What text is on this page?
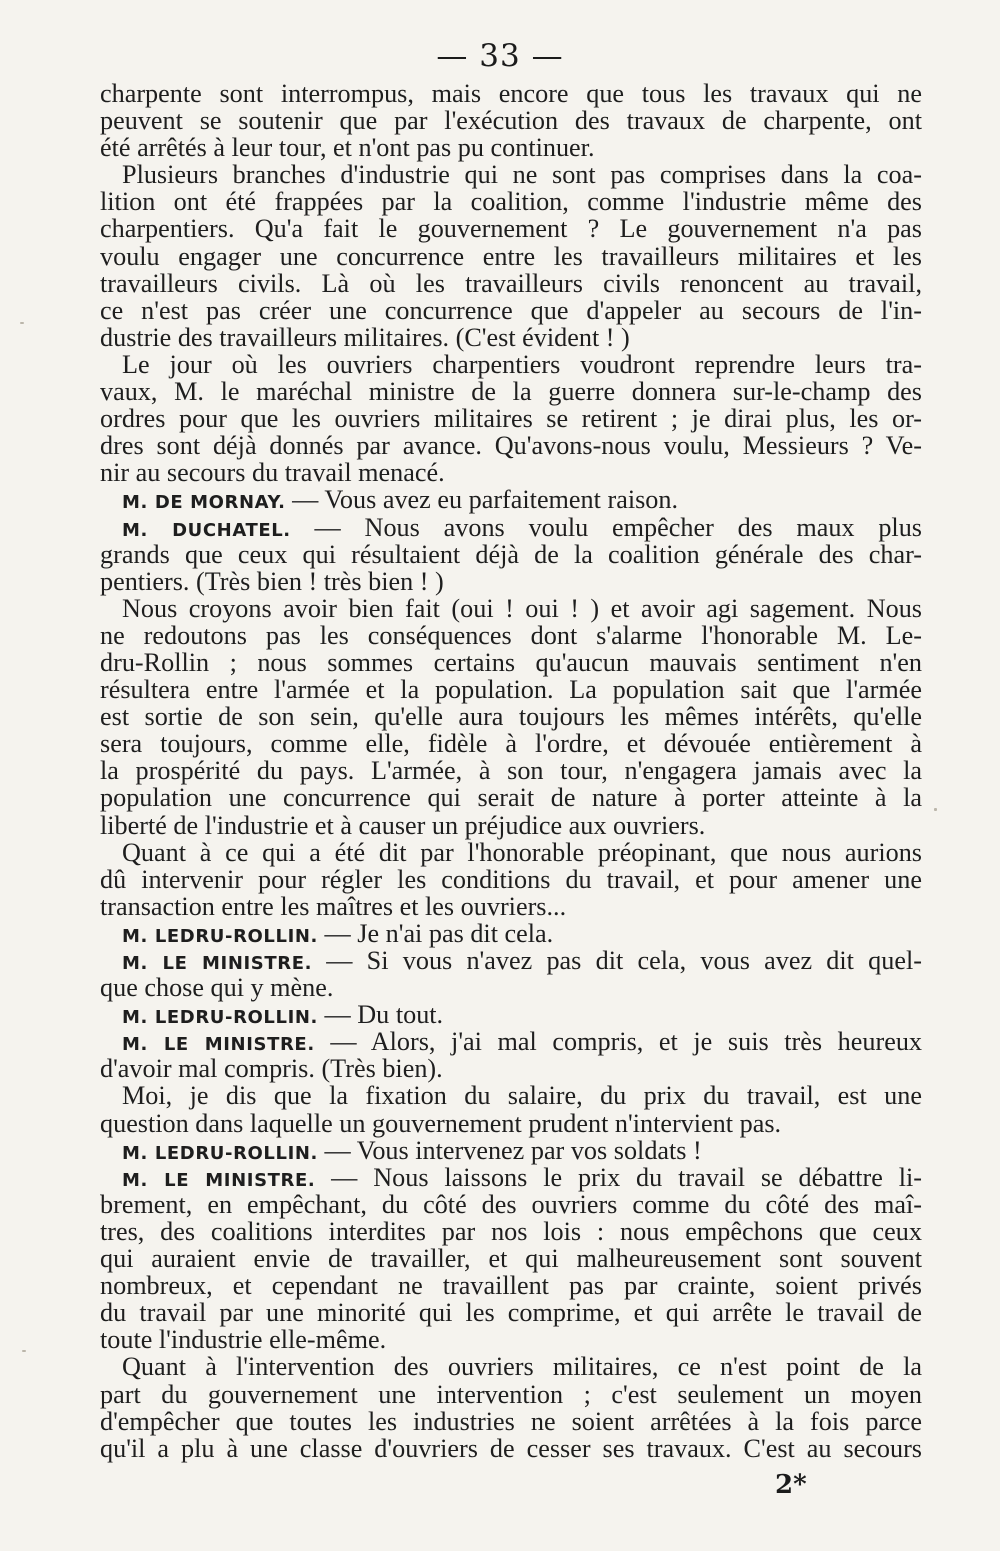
— 33 —
charpente sont interrompus, mais encore que tous les travaux qui ne
peuvent se soutenir que par l'exécution des travaux de charpente, ont
été arrêtés à leur tour, et n'ont pas pu continuer.
Plusieurs branches d'industrie qui ne sont pas comprises dans la coa-
lition ont été frappées par la coalition, comme l'industrie même des
charpentiers. Qu'a fait le gouvernement ? Le gouvernement n'a pas
voulu engager une concurrence entre les travailleurs militaires et les
travailleurs civils. Là où les travailleurs civils renoncent au travail,
ce n'est pas créer une concurrence que d'appeler au secours de l'in-
dustrie des travailleurs militaires. (C'est évident ! )
Le jour où les ouvriers charpentiers voudront reprendre leurs tra-
vaux, M. le maréchal ministre de la guerre donnera sur-le-champ des
ordres pour que les ouvriers militaires se retirent ; je dirai plus, les or-
dres sont déjà donnés par avance. Qu'avons-nous voulu, Messieurs ? Ve-
nir au secours du travail menacé.
M. DE MORNAY. — Vous avez eu parfaitement raison.
M. DUCHATEL. — Nous avons voulu empêcher des maux plus
grands que ceux qui résultaient déjà de la coalition générale des char-
pentiers. (Très bien ! très bien ! )
Nous croyons avoir bien fait (oui ! oui ! ) et avoir agi sagement. Nous
ne redoutons pas les conséquences dont s'alarme l'honorable M. Le-
dru-Rollin ; nous sommes certains qu'aucun mauvais sentiment n'en
résultera entre l'armée et la population. La population sait que l'armée
est sortie de son sein, qu'elle aura toujours les mêmes intérêts, qu'elle
sera toujours, comme elle, fidèle à l'ordre, et dévouée entièrement à
la prospérité du pays. L'armée, à son tour, n'engagera jamais avec la
population une concurrence qui serait de nature à porter atteinte à la
liberté de l'industrie et à causer un préjudice aux ouvriers.
Quant à ce qui a été dit par l'honorable préopinant, que nous aurions
dû intervenir pour régler les conditions du travail, et pour amener une
transaction entre les maîtres et les ouvriers...
M. LEDRU-ROLLIN. — Je n'ai pas dit cela.
M. LE MINISTRE. — Si vous n'avez pas dit cela, vous avez dit quel-
que chose qui y mène.
M. LEDRU-ROLLIN. — Du tout.
M. LE MINISTRE. — Alors, j'ai mal compris, et je suis très heureux
d'avoir mal compris. (Très bien).
Moi, je dis que la fixation du salaire, du prix du travail, est une
question dans laquelle un gouvernement prudent n'intervient pas.
M. LEDRU-ROLLIN. — Vous intervenez par vos soldats !
M. LE MINISTRE. — Nous laissons le prix du travail se débattre li-
brement, en empêchant, du côté des ouvriers comme du côté des maî-
tres, des coalitions interdites par nos lois : nous empêchons que ceux
qui auraient envie de travailler, et qui malheureusement sont souvent
nombreux, et cependant ne travaillent pas par crainte, soient privés
du travail par une minorité qui les comprime, et qui arrête le travail de
toute l'industrie elle-même.
Quant à l'intervention des ouvriers militaires, ce n'est point de la
part du gouvernement une intervention ; c'est seulement un moyen
d'empêcher que toutes les industries ne soient arrêtées à la fois parce
qu'il a plu à une classe d'ouvriers de cesser ses travaux. C'est au secours
2*
